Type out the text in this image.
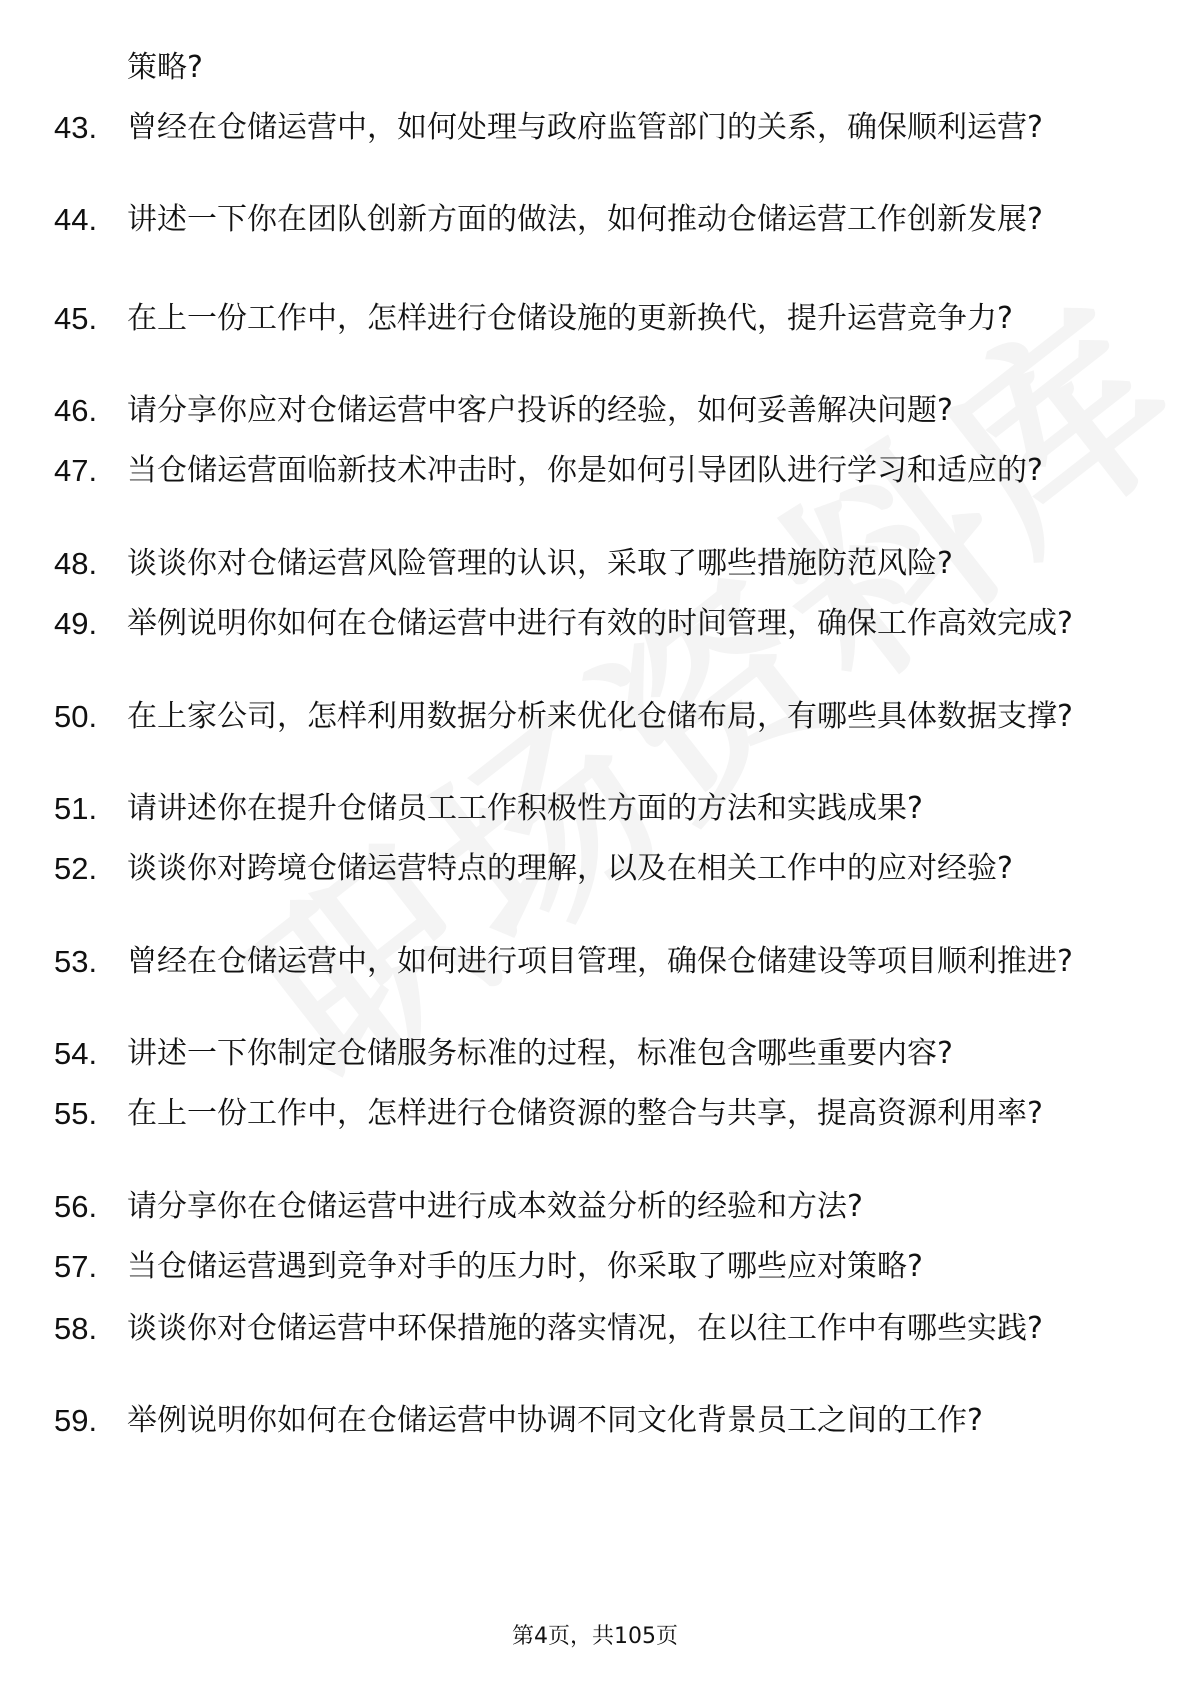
策略?
43. 曾经在仓储运营中，如何处理与政府监管部门的关系，确保顺利运营?
44. 讲述一下你在团队创新方面的做法，如何推动仓储运营工作创新发展?
45. 在上一份工作中，怎样进行仓储设施的更新换代，提升运营竞争力?
46. 请分享你应对仓储运营中客户投诉的经验，如何妥善解决问题?
47. 当仓储运营面临新技术冲击时，你是如何引导团队进行学习和适应的?
48. 谈谈你对仓储运营风险管理的认识，采取了哪些措施防范风险?
49. 举例说明你如何在仓储运营中进行有效的时间管理，确保工作高效完成?
50. 在上家公司，怎样利用数据分析来优化仓储布局，有哪些具体数据支撑?
51. 请讲述你在提升仓储员工工作积极性方面的方法和实践成果?
52. 谈谈你对跨境仓储运营特点的理解，以及在相关工作中的应对经验?
53. 曾经在仓储运营中，如何进行项目管理，确保仓储建设等项目顺利推进?
54. 讲述一下你制定仓储服务标准的过程，标准包含哪些重要内容?
55. 在上一份工作中，怎样进行仓储资源的整合与共享，提高资源利用率?
56. 请分享你在仓储运营中进行成本效益分析的经验和方法?
57. 当仓储运营遇到竞争对手的压力时，你采取了哪些应对策略?
58. 谈谈你对仓储运营中环保措施的落实情况，在以往工作中有哪些实践?
59. 举例说明你如何在仓储运营中协调不同文化背景员工之间的工作?
第4页，共105页
